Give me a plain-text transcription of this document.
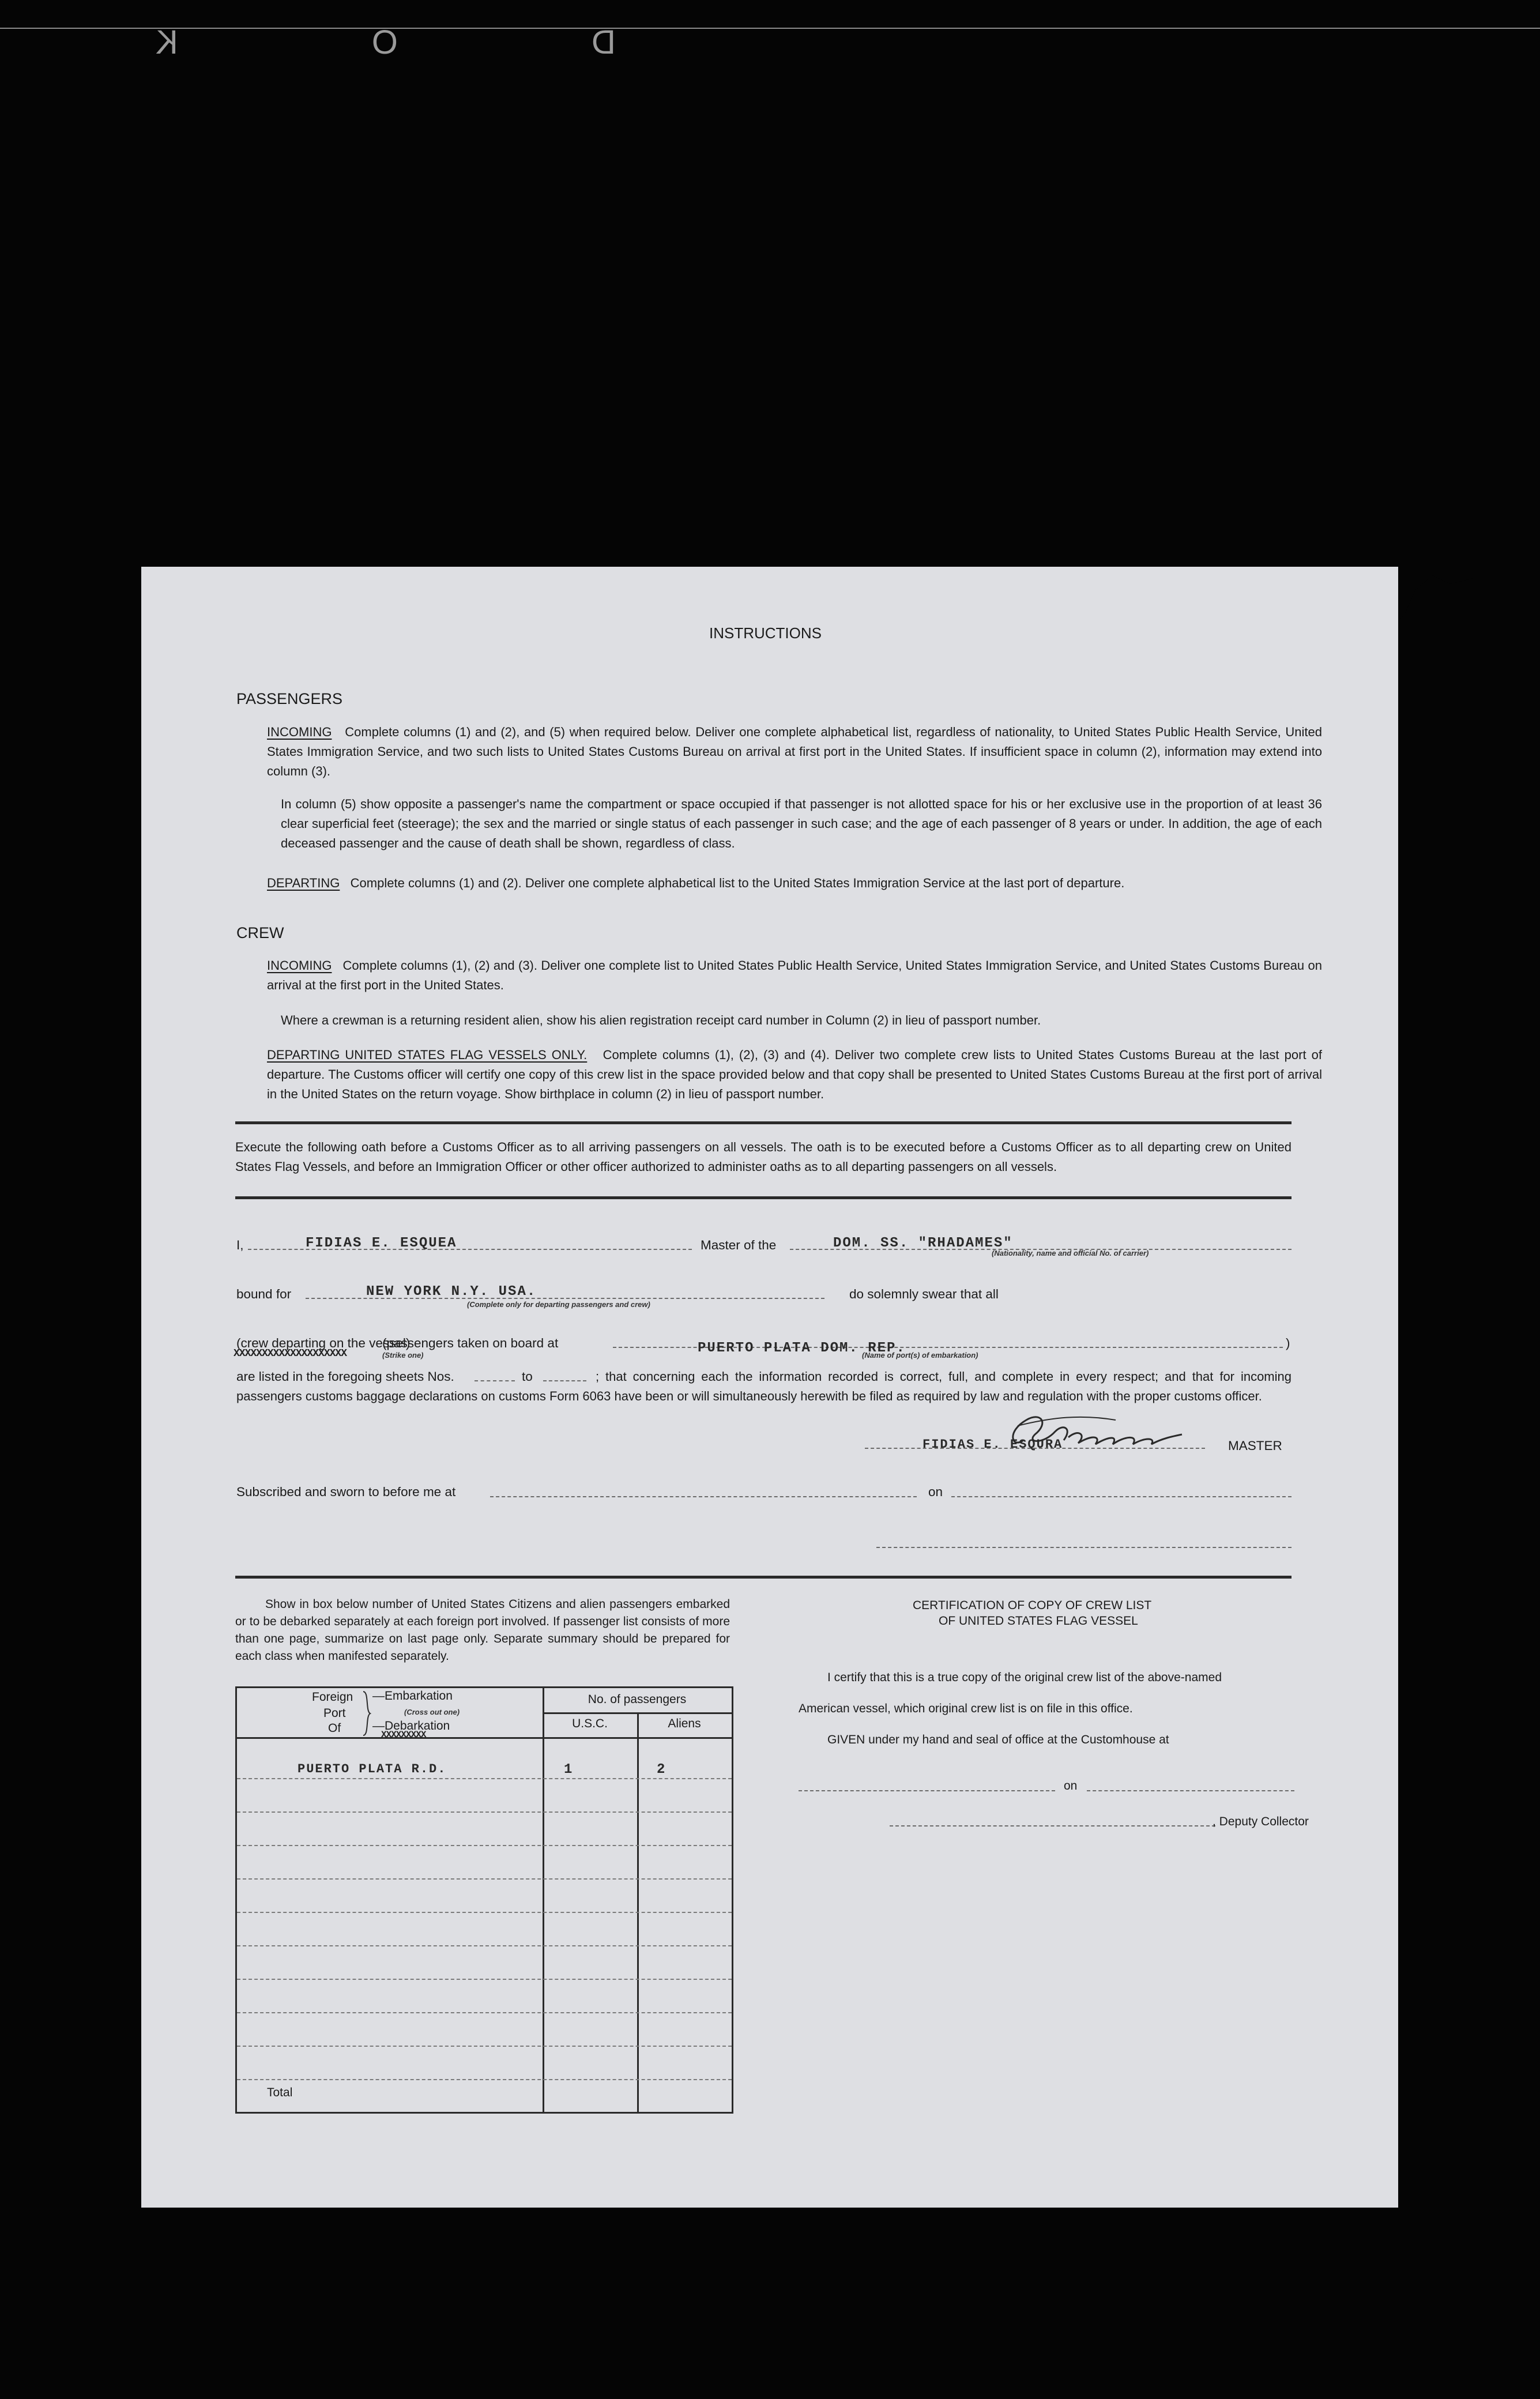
D O K
INSTRUCTIONS
PASSENGERS
INCOMING Complete columns (1) and (2), and (5) when required below. Deliver one complete alphabetical list, regardless of nationality, to United States Public Health Service, United States Immigration Service, and two such lists to United States Customs Bureau on arrival at first port in the United States. If insufficient space in column (2), information may extend into column (3).
In column (5) show opposite a passenger's name the compartment or space occupied if that passenger is not allotted space for his or her exclusive use in the proportion of at least 36 clear superficial feet (steerage); the sex and the married or single status of each passenger in such case; and the age of each passenger of 8 years or under. In addition, the age of each deceased passenger and the cause of death shall be shown, regardless of class.
DEPARTING Complete columns (1) and (2). Deliver one complete alphabetical list to the United States Immigration Service at the last port of departure.
CREW
INCOMING Complete columns (1), (2) and (3). Deliver one complete list to United States Public Health Service, United States Immigration Service, and United States Customs Bureau on arrival at the first port in the United States.
Where a crewman is a returning resident alien, show his alien registration receipt card number in Column (2) in lieu of passport number.
DEPARTING UNITED STATES FLAG VESSELS ONLY. Complete columns (1), (2), (3) and (4). Deliver two complete crew lists to United States Customs Bureau at the last port of departure. The Customs officer will certify one copy of this crew list in the space provided below and that copy shall be presented to United States Customs Bureau at the first port of arrival in the United States on the return voyage. Show birthplace in column (2) in lieu of passport number.
Execute the following oath before a Customs Officer as to all arriving passengers on all vessels. The oath is to be executed before a Customs Officer as to all departing crew on United States Flag Vessels, and before an Immigration Officer or other officer authorized to administer oaths as to all departing passengers on all vessels.
I,	FIDIAS E. ESQUEA	Master of the	DOM. SS. "RHADAMES"
(Nationality, name and official No. of carrier)
bound for	NEW YORK N.Y. USA.
(Complete only for departing passengers and crew)
do solemnly swear that all
(crew departing on the vessel)
(passengers taken on board at	)
XXXXXXXXXXXXXXXXXXXX	(Strike one)	PUERTO PLATA DOM. REP.
(Name of port(s) of embarkation)
are listed in the foregoing sheets Nos.	to	; that concerning each the information recorded is correct, full, and complete in every respect; and that for incoming passengers customs baggage declarations on customs Form 6063 have been or will simultaneously herewith be filed as required by law and regulation with the proper customs officer.
FIDIAS E. ESQURA	MASTER
Subscribed and sworn to before me at	on
Show in box below number of United States Citizens and alien passengers embarked or to be debarked separately at each foreign port involved. If passenger list consists of more than one page, summarize on last page only. Separate summary should be prepared for each class when manifested separately.
Foreign
Port
Of
—Embarkation
(Cross out one)
—Debarkation
XXXXXXXXX
No. of passengers
U.S.C.	Aliens
PUERTO PLATA R.D.	1	2
Total
CERTIFICATION OF COPY OF CREW LIST
OF UNITED STATES FLAG VESSEL
I certify that this is a true copy of the original crew list of the above-named
American vessel, which original crew list is on file in this office.
GIVEN under my hand and seal of office at the Customhouse at
on
, Deputy Collector
